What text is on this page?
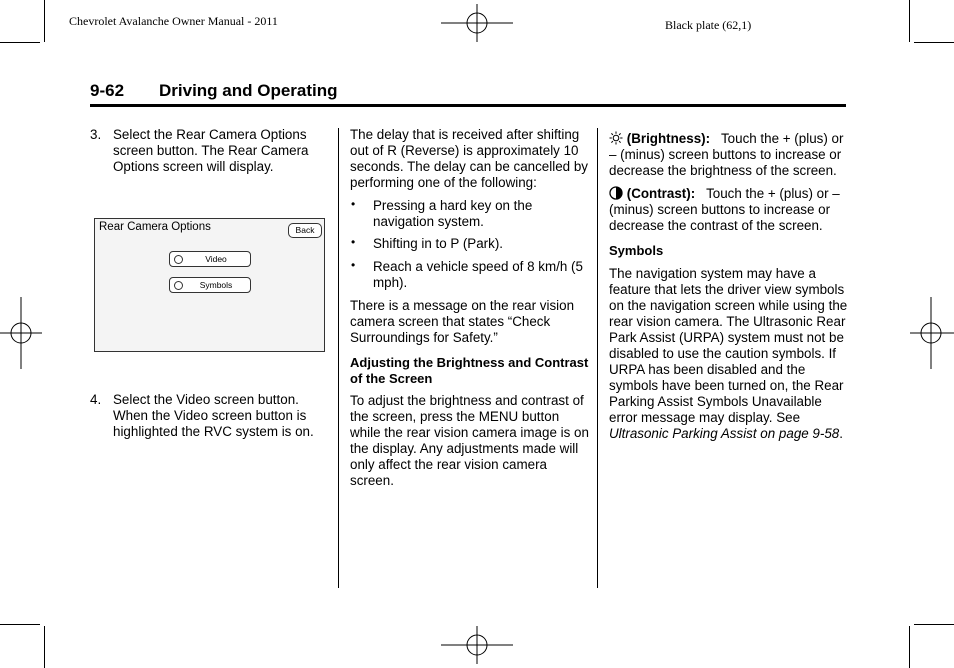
Chevrolet Avalanche Owner Manual - 2011	Black plate (62,1)
9-62 Driving and Operating
3. Select the Rear Camera Options screen button. The Rear Camera Options screen will display.

Rear Camera Options	Back
Video
Symbols
4. Select the Video screen button. When the Video screen button is highlighted the RVC system is on.

The delay that is received after shifting out of R (Reverse) is approximately 10 seconds. The delay can be cancelled by performing one of the following:

• Pressing a hard key on the navigation system.

• Shifting in to P (Park).

• Reach a vehicle speed of 8 km/h (5 mph).

There is a message on the rear vision camera screen that states “Check Surroundings for Safety.”

Adjusting the Brightness and Contrast of the Screen

To adjust the brightness and contrast of the screen, press the MENU button while the rear vision camera image is on the display. Any adjustments made will only affect the rear vision camera screen.

(Brightness): Touch the + (plus) or – (minus) screen buttons to increase or decrease the brightness of the screen.

(Contrast): Touch the + (plus) or – (minus) screen buttons to increase or decrease the contrast of the screen.

Symbols

The navigation system may have a feature that lets the driver view symbols on the navigation screen while using the rear vision camera. The Ultrasonic Rear Park Assist (URPA) system must not be disabled to use the caution symbols. If URPA has been disabled and the symbols have been turned on, the Rear Parking Assist Symbols Unavailable error message may display. See Ultrasonic Parking Assist on page 9‑58.
